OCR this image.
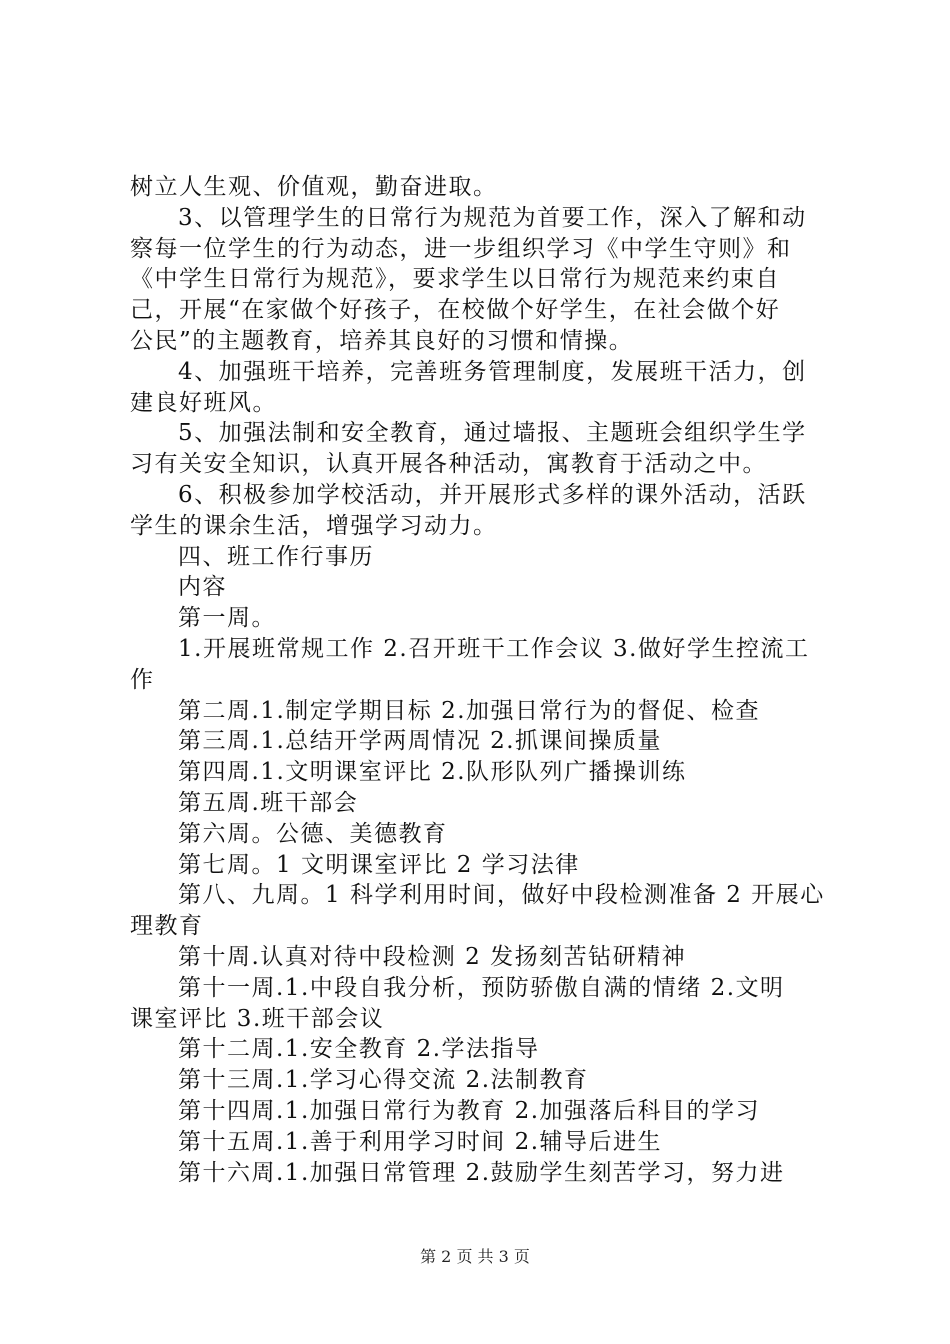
树立人生观、价值观，勤奋进取。
3、以管理学生的日常行为规范为首要工作，深入了解和动
察每一位学生的行为动态，进一步组织学习《中学生守则》和
《中学生日常行为规范》，要求学生以日常行为规范来约束自
己，开展“在家做个好孩子，在校做个好学生，在社会做个好
公民”的主题教育，培养其良好的习惯和情操。
4、加强班干培养，完善班务管理制度，发展班干活力，创
建良好班风。
5、加强法制和安全教育，通过墙报、主题班会组织学生学
习有关安全知识，认真开展各种活动，寓教育于活动之中。
6、积极参加学校活动，并开展形式多样的课外活动，活跃
学生的课余生活，增强学习动力。
四、班工作行事历
内容
第一周。
1.开展班常规工作 2.召开班干工作会议 3.做好学生控流工
作
第二周.1.制定学期目标 2.加强日常行为的督促、检查
第三周.1.总结开学两周情况 2.抓课间操质量
第四周.1.文明课室评比 2.队形队列广播操训练
第五周.班干部会
第六周。公德、美德教育
第七周。1 文明课室评比 2 学习法律
第八、九周。1 科学利用时间，做好中段检测准备 2 开展心
理教育
第十周.认真对待中段检测 2 发扬刻苦钻研精神
第十一周.1.中段自我分析，预防骄傲自满的情绪 2.文明
课室评比 3.班干部会议
第十二周.1.安全教育 2.学法指导
第十三周.1.学习心得交流 2.法制教育
第十四周.1.加强日常行为教育 2.加强落后科目的学习
第十五周.1.善于利用学习时间 2.辅导后进生
第十六周.1.加强日常管理 2.鼓励学生刻苦学习，努力进
第 2 页 共 3 页
